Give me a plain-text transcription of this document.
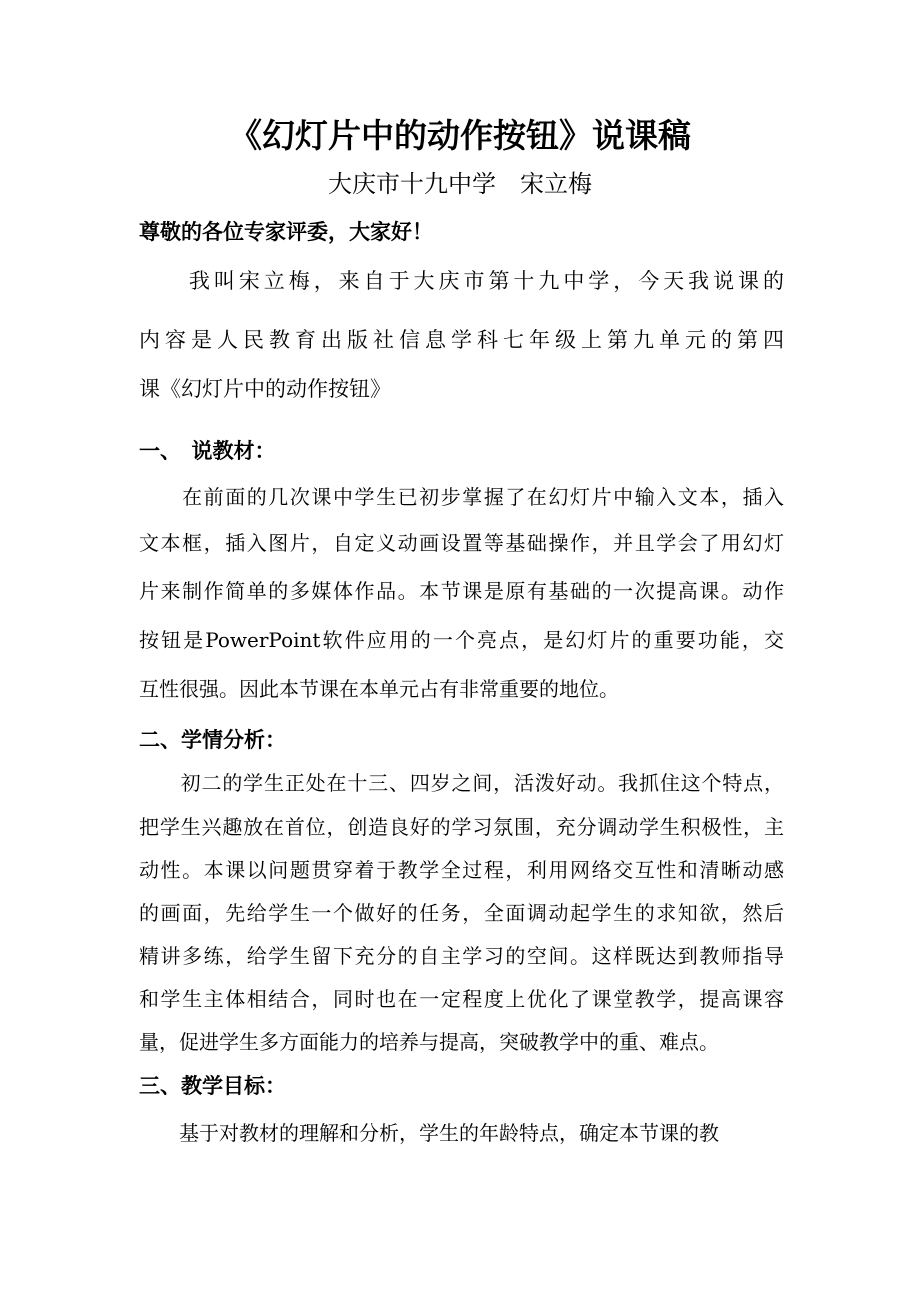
《幻灯片中的动作按钮》说课稿
大庆市十九中学　宋立梅
尊敬的各位专家评委，大家好！
　　我叫宋立梅，来自于大庆市第十九中学，今天我说课的
内容是人民教育出版社信息学科七年级上第九单元的第四
课《幻灯片中的动作按钮》
一、　说教材：
　　在前面的几次课中学生已初步掌握了在幻灯片中输入文本，插入
文本框，插入图片，自定义动画设置等基础操作，并且学会了用幻灯
片来制作简单的多媒体作品。本节课是原有基础的一次提高课。动作
按钮是PowerPoint软件应用的一个亮点，是幻灯片的重要功能，交
互性很强。因此本节课在本单元占有非常重要的地位。
二、学情分析：
　　初二的学生正处在十三、四岁之间，活泼好动。我抓住这个特点，
把学生兴趣放在首位，创造良好的学习氛围，充分调动学生积极性，主
动性。本课以问题贯穿着于教学全过程，利用网络交互性和清晰动感
的画面，先给学生一个做好的任务，全面调动起学生的求知欲，然后
精讲多练，给学生留下充分的自主学习的空间。这样既达到教师指导
和学生主体相结合，同时也在一定程度上优化了课堂教学，提高课容
量，促进学生多方面能力的培养与提高，突破教学中的重、难点。
三、教学目标：
　　基于对教材的理解和分析，学生的年龄特点，确定本节课的教
